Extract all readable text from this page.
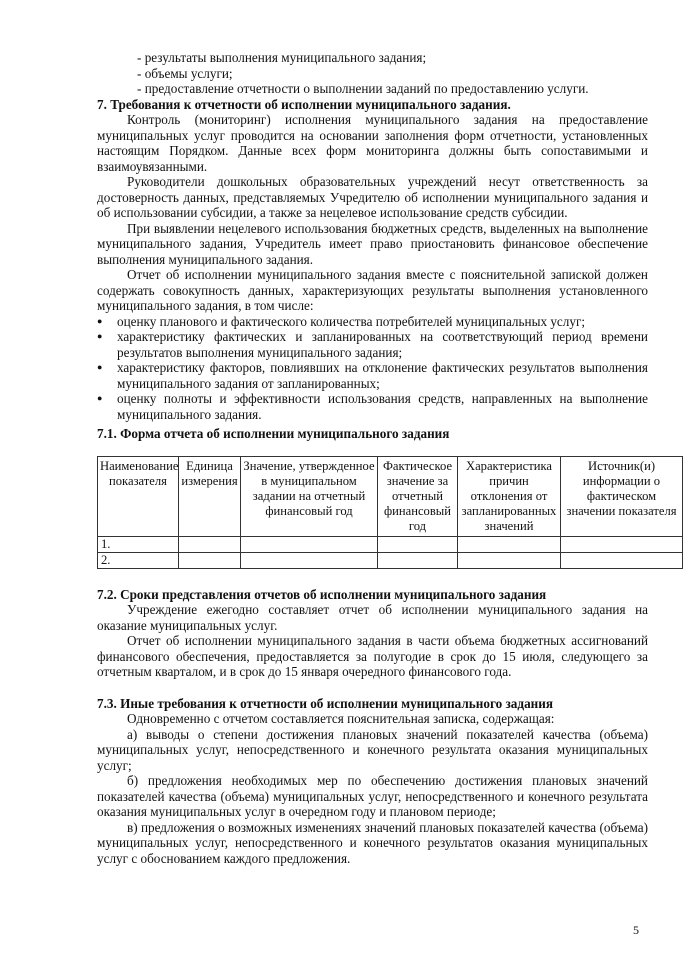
- результаты выполнения муниципального задания;

- объемы услуги;

- предоставление отчетности о выполнении заданий по предоставлению услуги.

7. Требования к отчетности об исполнении муниципального задания.

Контроль (мониторинг) исполнения муниципального задания на предоставление муниципальных услуг проводится на основании заполнения форм отчетности, установленных настоящим Порядком. Данные всех форм мониторинга должны быть сопоставимыми и взаимоувязанными.

Руководители дошкольных образовательных учреждений несут ответственность за достоверность данных, представляемых Учредителю об исполнении муниципального задания и об использовании субсидии, а также за нецелевое использование средств субсидии.

При выявлении нецелевого использования бюджетных средств, выделенных на выполнение муниципального задания, Учредитель имеет право приостановить финансовое обеспечение выполнения муниципального задания.

Отчет об исполнении муниципального задания вместе с пояснительной запиской должен содержать совокупность данных, характеризующих результаты выполнения установленного муниципального задания, в том числе:

● оценку планового и фактического количества потребителей муниципальных услуг;
● характеристику фактических и запланированных на соответствующий период времени результатов выполнения муниципального задания;
● характеристику факторов, повлиявших на отклонение фактических результатов выполнения муниципального задания от запланированных;
● оценку полноты и эффективности использования средств, направленных на выполнение муниципального задания.

7.1. Форма отчета об исполнении муниципального задания

Наименование показателя	Единица измерения	Значение, утвержденное в муниципальном задании на отчетный финансовый год	Фактическое значение за отчетный финансовый год	Характеристика причин отклонения от запланированных значений	Источник(и) информации о фактическом значении показателя
1.					
2.					

7.2. Сроки представления отчетов об исполнении муниципального задания

Учреждение ежегодно составляет отчет об исполнении муниципального задания на оказание муниципальных услуг.

Отчет об исполнении муниципального задания в части объема бюджетных ассигнований финансового обеспечения, предоставляется за полугодие в срок до 15 июля, следующего за отчетным кварталом, и в срок до 15 января очередного финансового года.

7.3. Иные требования к отчетности об исполнении муниципального задания

Одновременно с отчетом составляется пояснительная записка, содержащая:

а) выводы о степени достижения плановых значений показателей качества (объема) муниципальных услуг, непосредственного и конечного результата оказания муниципальных услуг;

б) предложения необходимых мер по обеспечению достижения плановых значений показателей качества (объема) муниципальных услуг, непосредственного и конечного результата оказания муниципальных услуг в очередном году и плановом периоде;

в) предложения о возможных изменениях значений плановых показателей качества (объема) муниципальных услуг, непосредственного и конечного результатов оказания муниципальных услуг с обоснованием каждого предложения.

5
